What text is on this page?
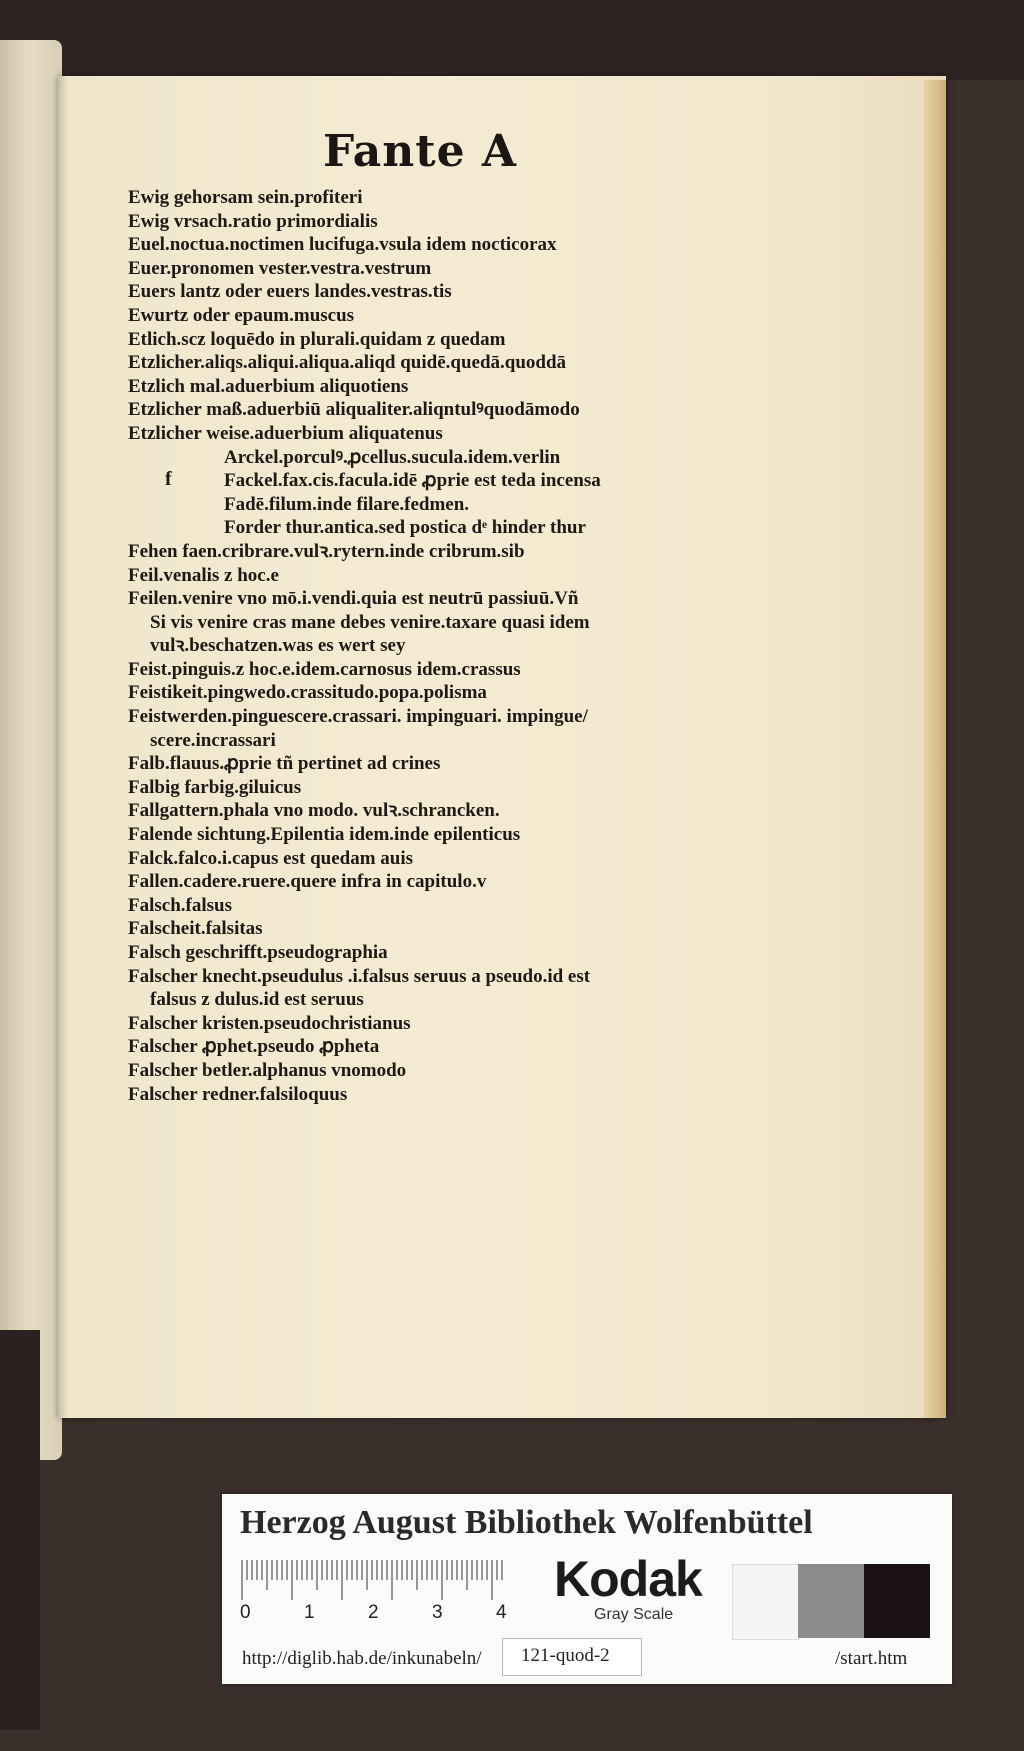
Fante A
f
Ewig gehorsam sein.profiteri
Ewig vrsach.ratio primordialis
Euel.noctua.noctimen lucifuga.vsula idem nocticorax
Euer.pronomen vester.vestra.vestrum
Euers lantz oder euers landes.vestras.tis
Ewurtz oder epaum.muscus
Etlich.scz loquēdo in plurali.quidam z quedam
Etzlicher.aliqs.aliqui.aliqua.aliqd quidē.quedā.quoddā
Etzlich mal.aduerbium aliquotiens
Etzlicher maß.aduerbiū aliqualiter.aliqntulꝰquodāmodo
Etzlicher weise.aduerbium aliquatenus
Arckel.porculꝰ.ꝓcellus.sucula.idem.verlin
Fackel.fax.cis.facula.idē ꝓprie est teda incensa
Fadē.filum.inde filare.fedmen.
Forder thur.antica.sed postica dᵉ hinder thur
Fehen faen.cribrare.vulꝛ.rytern.inde cribrum.sib
Feil.venalis z hoc.e
Feilen.venire vno mō.i.vendi.quia est neutrū passiuū.Vñ
Si vis venire cras mane debes venire.taxare quasi idem
vulꝛ.beschatzen.was es wert sey
Feist.pinguis.z hoc.e.idem.carnosus idem.crassus
Feistikeit.pingwedo.crassitudo.popa.polisma
Feistwerden.pinguescere.crassari. impinguari. impingue/
scere.incrassari
Falb.flauus.ꝓprie tñ pertinet ad crines
Falbig farbig.giluicus
Fallgattern.phala vno modo. vulꝛ.schrancken.
Falende sichtung.Epilentia idem.inde epilenticus
Falck.falco.i.capus est quedam auis
Fallen.cadere.ruere.quere infra in capitulo.v
Falsch.falsus
Falscheit.falsitas
Falsch geschrifft.pseudographia
Falscher knecht.pseudulus .i.falsus seruus a pseudo.id est
falsus z dulus.id est seruus
Falscher kristen.pseudochristianus
Falscher ꝓphet.pseudo ꝓpheta
Falscher betler.alphanus vnomodo
Falscher redner.falsiloquus
Herzog August Bibliothek Wolfenbüttel
0	1	2	3	4
Kodak
Gray Scale
http://diglib.hab.de/inkunabeln/ 121-quod-2	/start.htm
